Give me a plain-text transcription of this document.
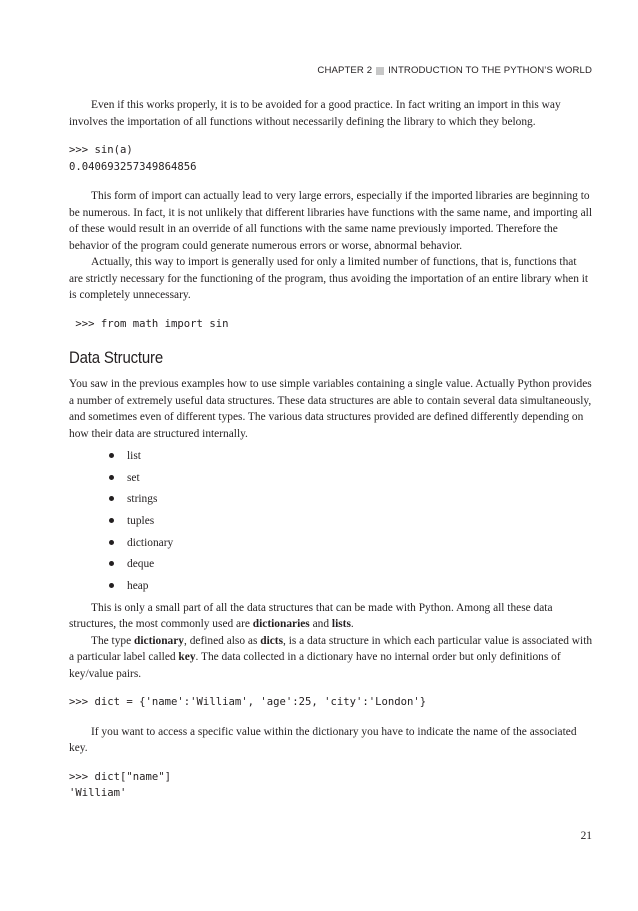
CHAPTER 2 INTRODUCTION TO THE PYTHON’S WORLD

Even if this works properly, it is to be avoided for a good practice. In fact writing an import in this way involves the importation of all functions without necessarily defining the library to which they belong.

>>> sin(a)
0.040693257349864856

This form of import can actually lead to very large errors, especially if the imported libraries are beginning to be numerous. In fact, it is not unlikely that different libraries have functions with the same name, and importing all of these would result in an override of all functions with the same name previously imported. Therefore the behavior of the program could generate numerous errors or worse, abnormal behavior.

Actually, this way to import is generally used for only a limited number of functions, that is, functions that are strictly necessary for the functioning of the program, thus avoiding the importation of an entire library when it is completely unnecessary.

>>> from math import sin
Data Structure

You saw in the previous examples how to use simple variables containing a single value. Actually Python provides a number of extremely useful data structures. These data structures are able to contain several data simultaneously, and sometimes even of different types. The various data structures provided are defined differently depending on how their data are structured internally.

list
set
strings
tuples
dictionary
deque
heap

This is only a small part of all the data structures that can be made with Python. Among all these data structures, the most commonly used are dictionaries and lists.

The type dictionary, defined also as dicts, is a data structure in which each particular value is associated with a particular label called key. The data collected in a dictionary have no internal order but only definitions of key/value pairs.

>>> dict = {'name':'William', 'age':25, 'city':'London'}

If you want to access a specific value within the dictionary you have to indicate the name of the associated key.

>>> dict["name"]
'William'
21
